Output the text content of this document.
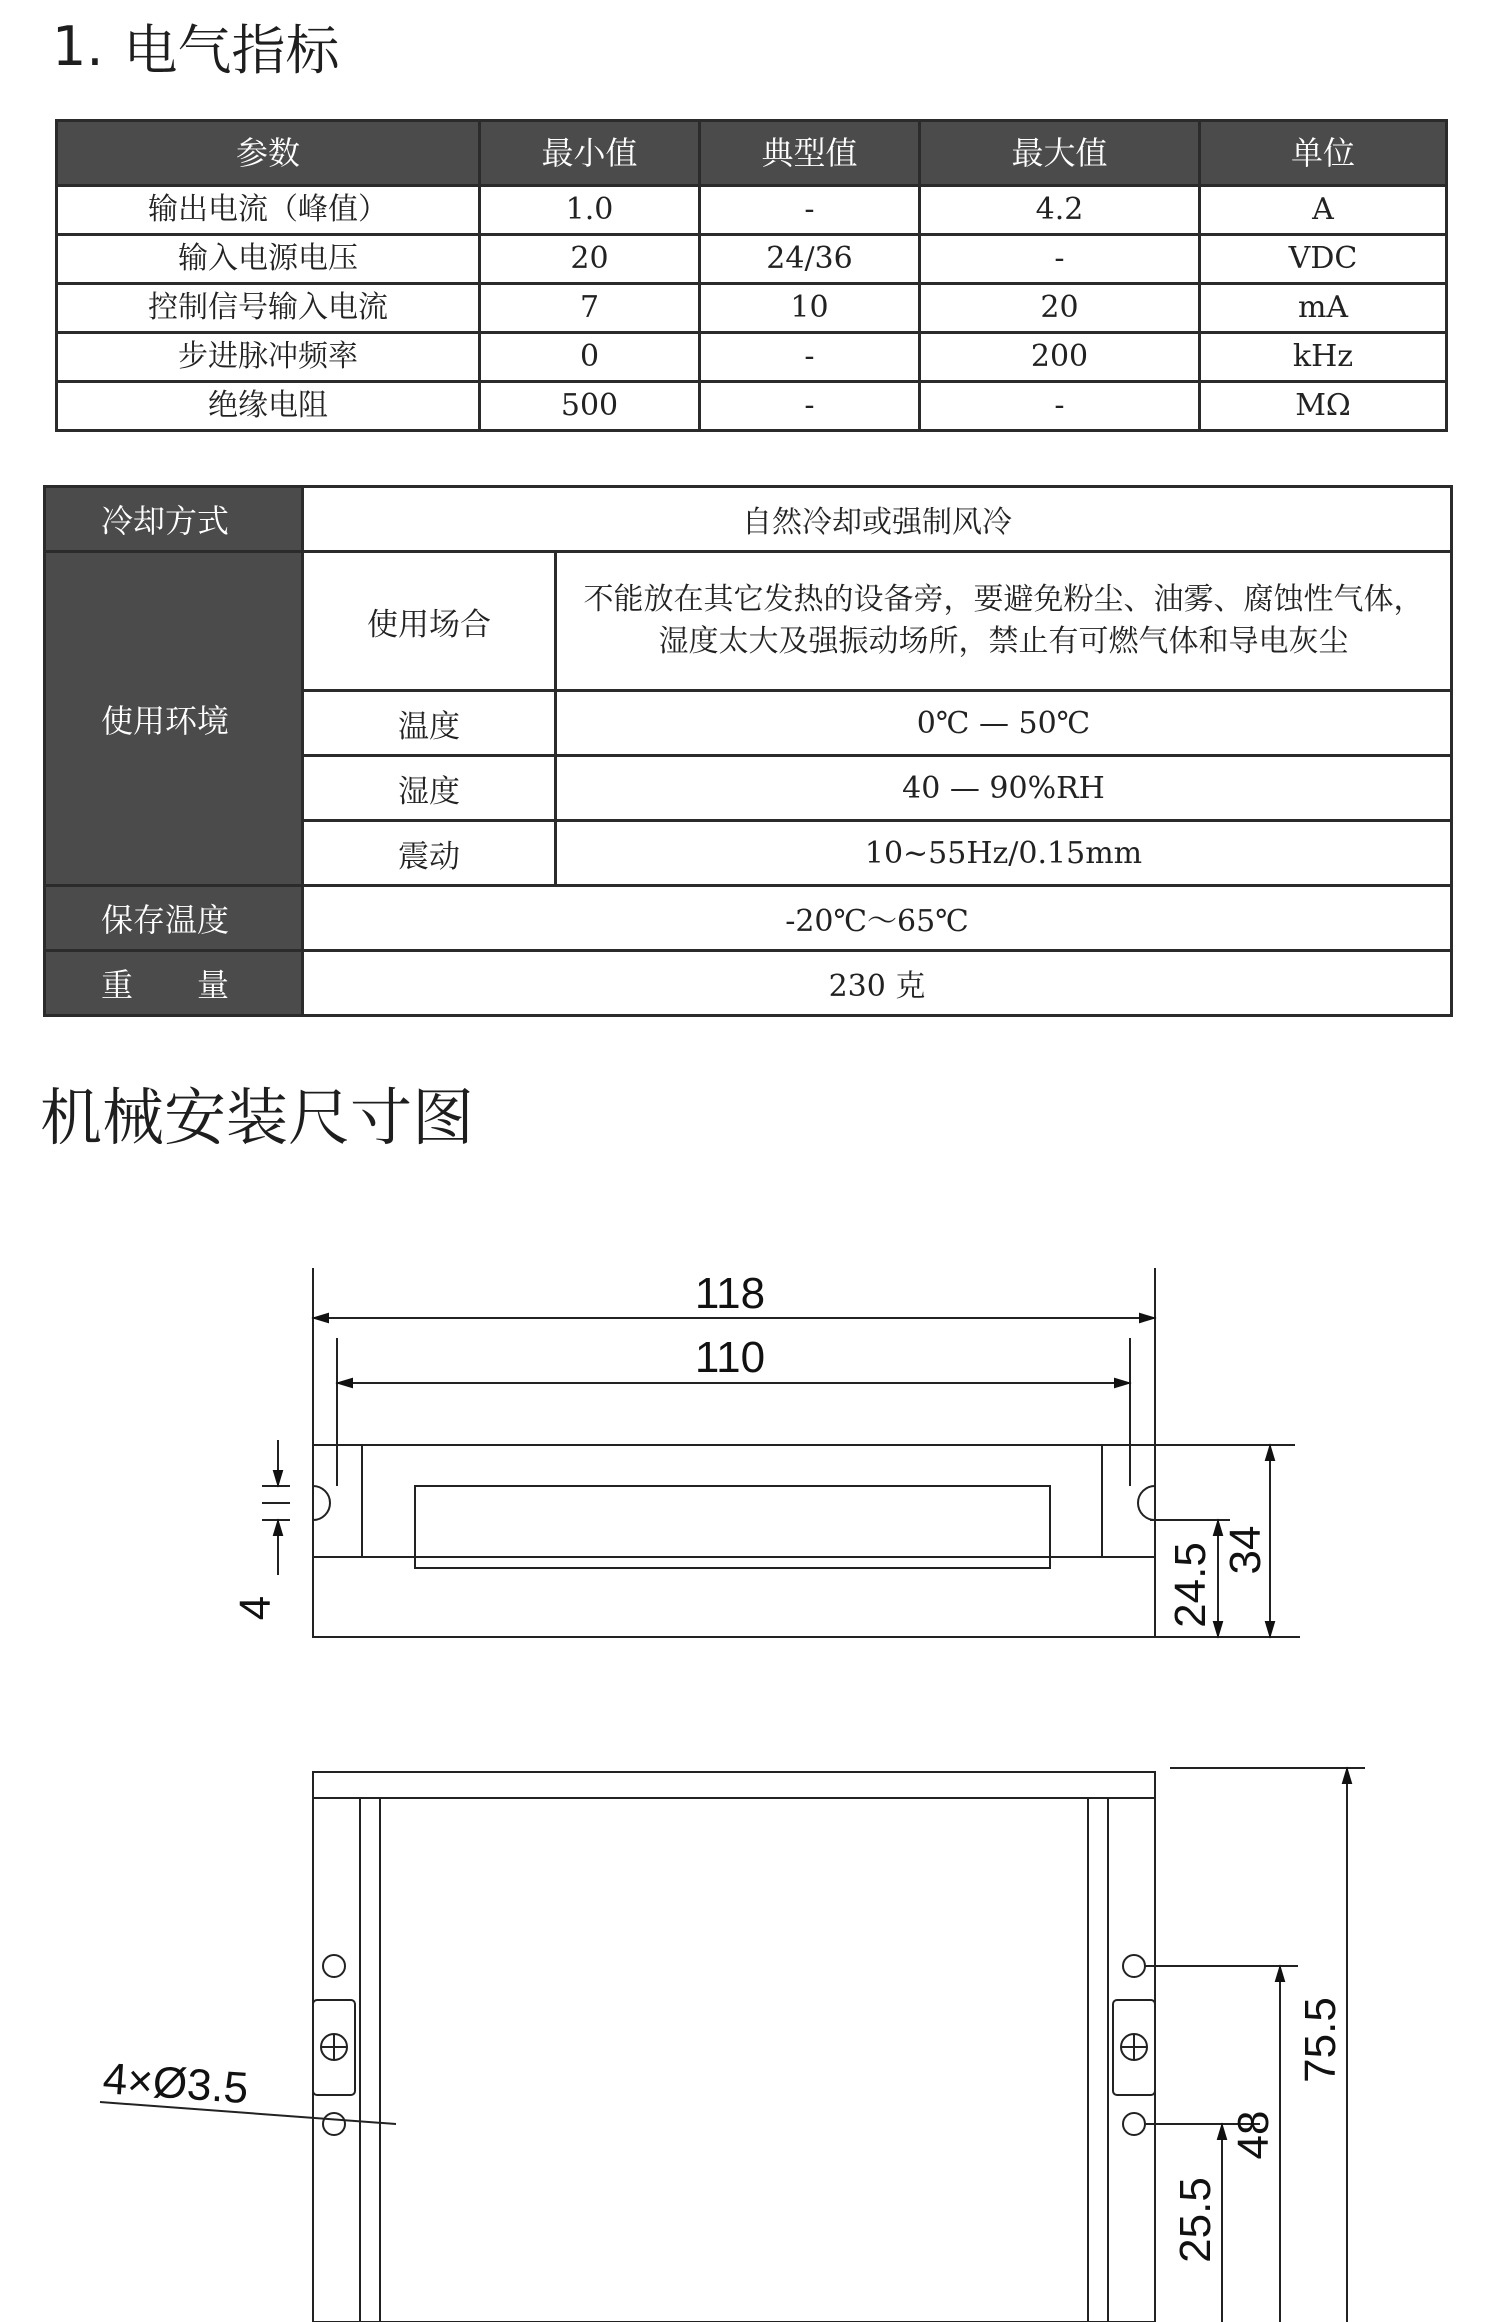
1. 电气指标
参数	最小值	典型值	最大值	单位
输出电流（峰值）	1.0	-	4.2	A
输入电源电压	20	24/36	-	VDC
控制信号输入电流	7	10	20	mA
步进脉冲频率	0	-	200	kHz
绝缘电阻	500	-	-	MΩ
冷却方式	自然冷却或强制风冷	
使用环境	使用场合	不能放在其它发热的设备旁，要避免粉尘、油雾、腐蚀性气体，湿度太大及强振动场所，禁止有可燃气体和导电灰尘
	温度	0℃ — 50℃
	湿度	40 — 90%RH
	震动	10~55Hz/0.15mm
保存温度	-20℃～65℃	
重　　量	230 克	
机械安装尺寸图
118
110
4	24.5 34
4×Ø3.5
75.5
48
25.5
